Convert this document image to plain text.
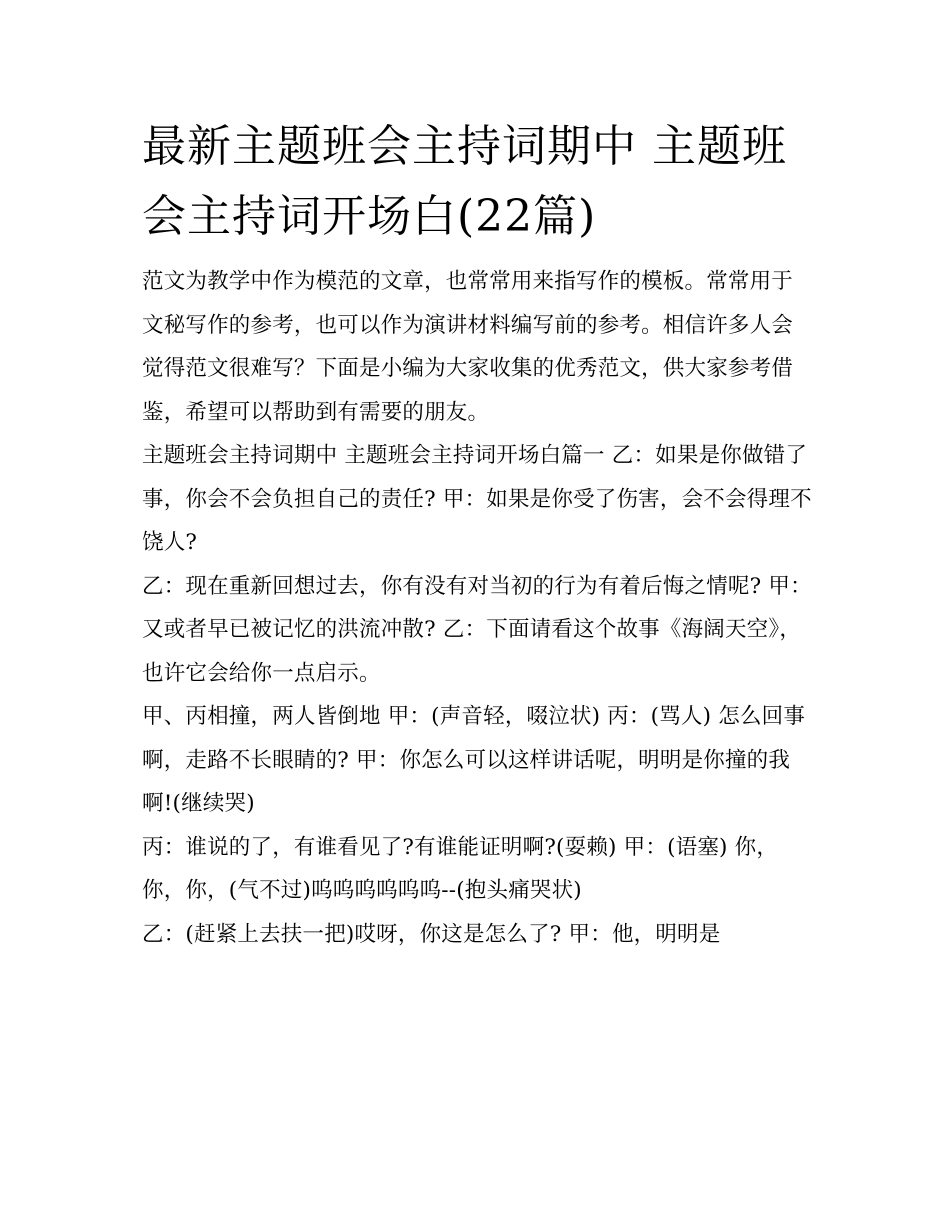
最新主题班会主持词期中 主题班会主持词开场白(22篇)

范文为教学中作为模范的文章，也常常用来指写作的模板。常常用于文秘写作的参考，也可以作为演讲材料编写前的参考。相信许多人会觉得范文很难写？下面是小编为大家收集的优秀范文，供大家参考借鉴，希望可以帮助到有需要的朋友。

主题班会主持词期中 主题班会主持词开场白篇一 乙：如果是你做错了事，你会不会负担自己的责任? 甲：如果是你受了伤害，会不会得理不饶人?

乙：现在重新回想过去，你有没有对当初的行为有着后悔之情呢? 甲：又或者早已被记忆的洪流冲散? 乙：下面请看这个故事《海阔天空》，也许它会给你一点启示。

甲、丙相撞，两人皆倒地 甲：(声音轻，啜泣状) 丙：(骂人) 怎么回事啊，走路不长眼睛的? 甲：你怎么可以这样讲话呢，明明是你撞的我啊!(继续哭)

丙：谁说的了，有谁看见了?有谁能证明啊?(耍赖) 甲：(语塞) 你，你，你，(气不过)呜呜呜呜呜呜--(抱头痛哭状)

乙：(赶紧上去扶一把)哎呀，你这是怎么了? 甲：他，明明是
